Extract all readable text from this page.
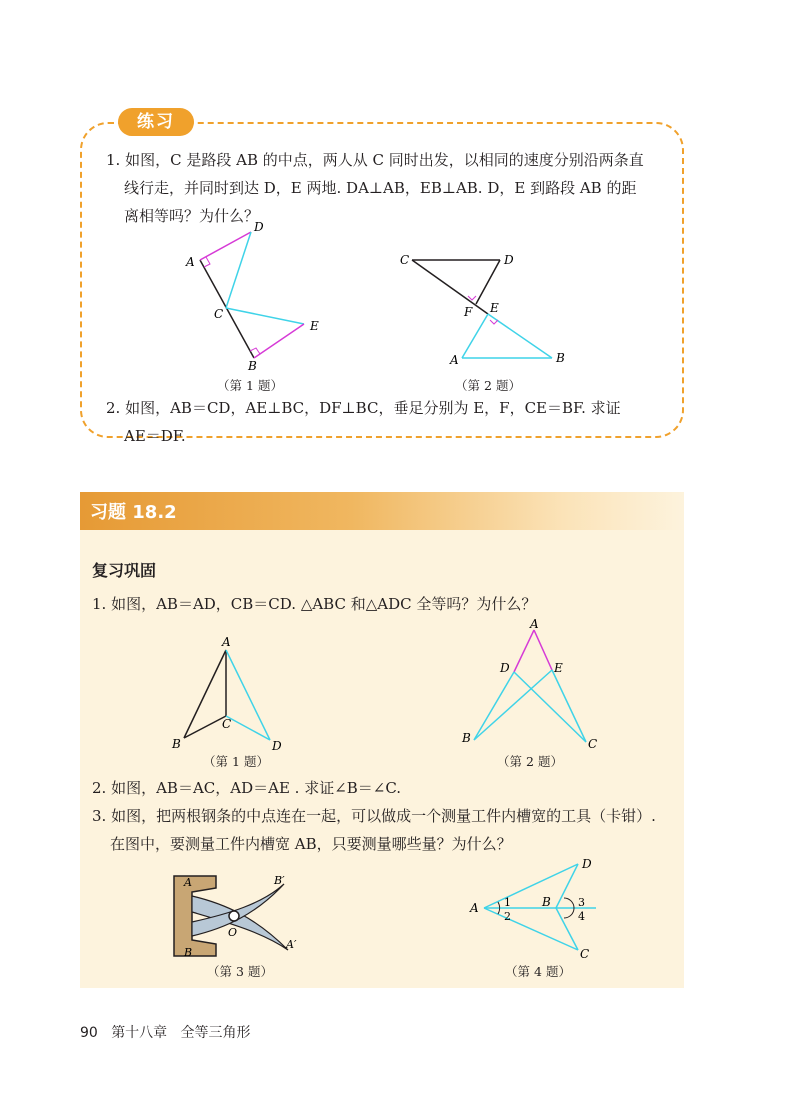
练习
1. 如图，C 是路段 AB 的中点，两人从 C 同时出发，以相同的速度分别沿两条直
线行走，并同时到达 D，E 两地. DA⊥AB，EB⊥AB. D，E 到路段 AB 的距
离相等吗？为什么？
A
D
C
E
B
（第 1 题）
C	D
F E
A	B
（第 2 题）
2. 如图，AB＝CD，AE⊥BC，DF⊥BC，垂足分别为 E，F，CE＝BF. 求证
AE＝DF.
习题 18.2
复习巩固
1. 如图，AB＝AD，CB＝CD. △ABC 和△ADC 全等吗？为什么？
A
B
C
D
（第 1 题）
A
D	E
B	C
（第 2 题）
2. 如图，AB＝AC，AD＝AE . 求证∠B＝∠C.
3. 如图，把两根钢条的中点连在一起，可以做成一个测量工件内槽宽的工具（卡钳）.
在图中，要测量工件内槽宽 AB，只要测量哪些量？为什么？
A
B
O
B′
A′
（第 3 题）
A	B
D
C
1
2
3
4
（第 4 题）
90 第十八章 全等三角形
